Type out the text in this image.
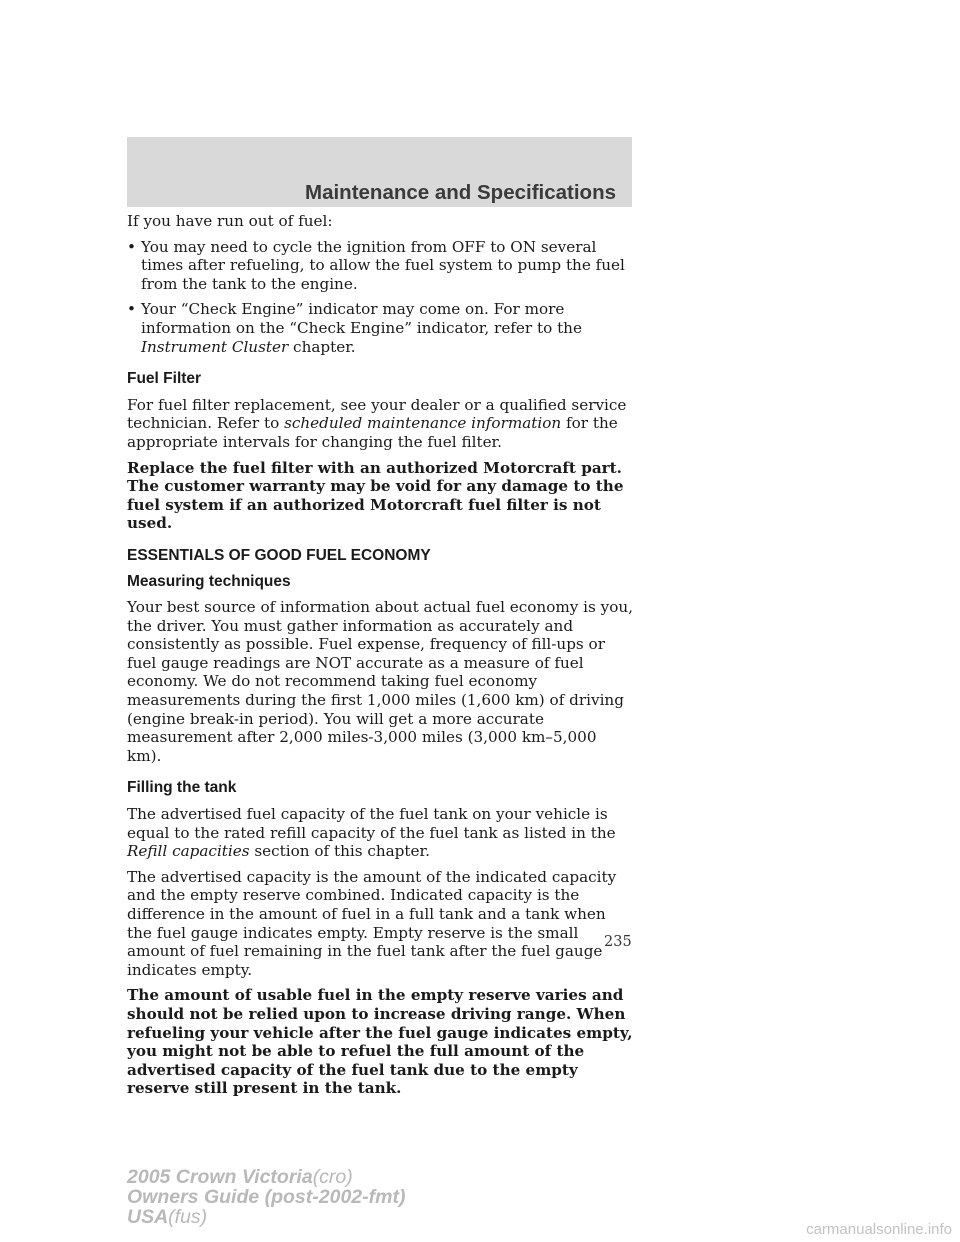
Maintenance and Specifications

If you have run out of fuel:

• You may need to cycle the ignition from OFF to ON several times after refueling, to allow the fuel system to pump the fuel from the tank to the engine.
• Your “Check Engine” indicator may come on. For more information on the “Check Engine” indicator, refer to the Instrument Cluster chapter.
Fuel Filter

For fuel filter replacement, see your dealer or a qualified service technician. Refer to scheduled maintenance information for the appropriate intervals for changing the fuel filter.

Replace the fuel filter with an authorized Motorcraft part. The customer warranty may be void for any damage to the fuel system if an authorized Motorcraft fuel filter is not used.

ESSENTIALS OF GOOD FUEL ECONOMY
Measuring techniques

Your best source of information about actual fuel economy is you, the driver. You must gather information as accurately and consistently as possible. Fuel expense, frequency of fill-ups or fuel gauge readings are NOT accurate as a measure of fuel economy. We do not recommend taking fuel economy measurements during the first 1,000 miles (1,600 km) of driving (engine break-in period). You will get a more accurate measurement after 2,000 miles-3,000 miles (3,000 km–5,000 km).

Filling the tank

The advertised fuel capacity of the fuel tank on your vehicle is equal to the rated refill capacity of the fuel tank as listed in the Refill capacities section of this chapter.

The advertised capacity is the amount of the indicated capacity and the empty reserve combined. Indicated capacity is the difference in the amount of fuel in a full tank and a tank when the fuel gauge indicates empty. Empty reserve is the small amount of fuel remaining in the fuel tank after the fuel gauge indicates empty.

The amount of usable fuel in the empty reserve varies and should not be relied upon to increase driving range. When refueling your vehicle after the fuel gauge indicates empty, you might not be able to refuel the full amount of the advertised capacity of the fuel tank due to the empty reserve still present in the tank.

235
2005 Crown Victoria(cro)
Owners Guide (post-2002-fmt)
USA(fus)
carmanualsonline.info
